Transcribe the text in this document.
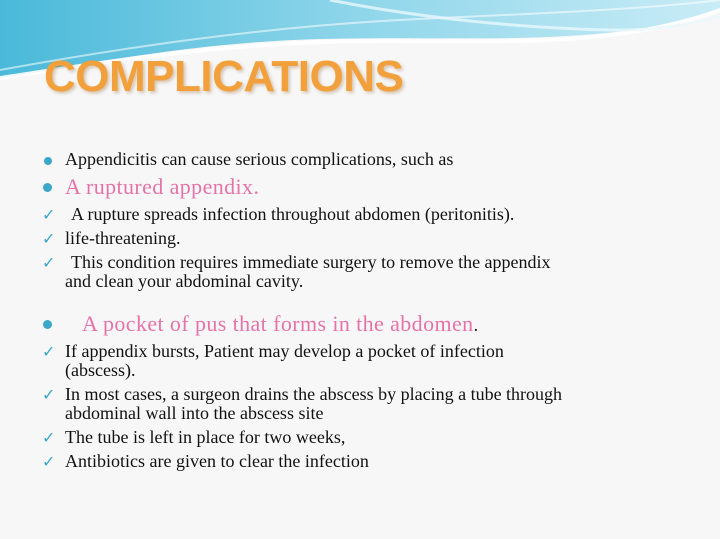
COMPLICATIONS
Appendicitis can cause serious complications, such as
A ruptured appendix.
✓ A rupture spreads infection throughout abdomen (peritonitis).
✓ life-threatening.
✓ This condition requires immediate surgery to remove the appendix
and clean your abdominal cavity.
A pocket of pus that forms in the abdomen.
✓ If appendix bursts, Patient may develop a pocket of infection
(abscess).
✓ In most cases, a surgeon drains the abscess by placing a tube through
abdominal wall into the abscess site
✓ The tube is left in place for two weeks,
✓ Antibiotics are given to clear the infection
